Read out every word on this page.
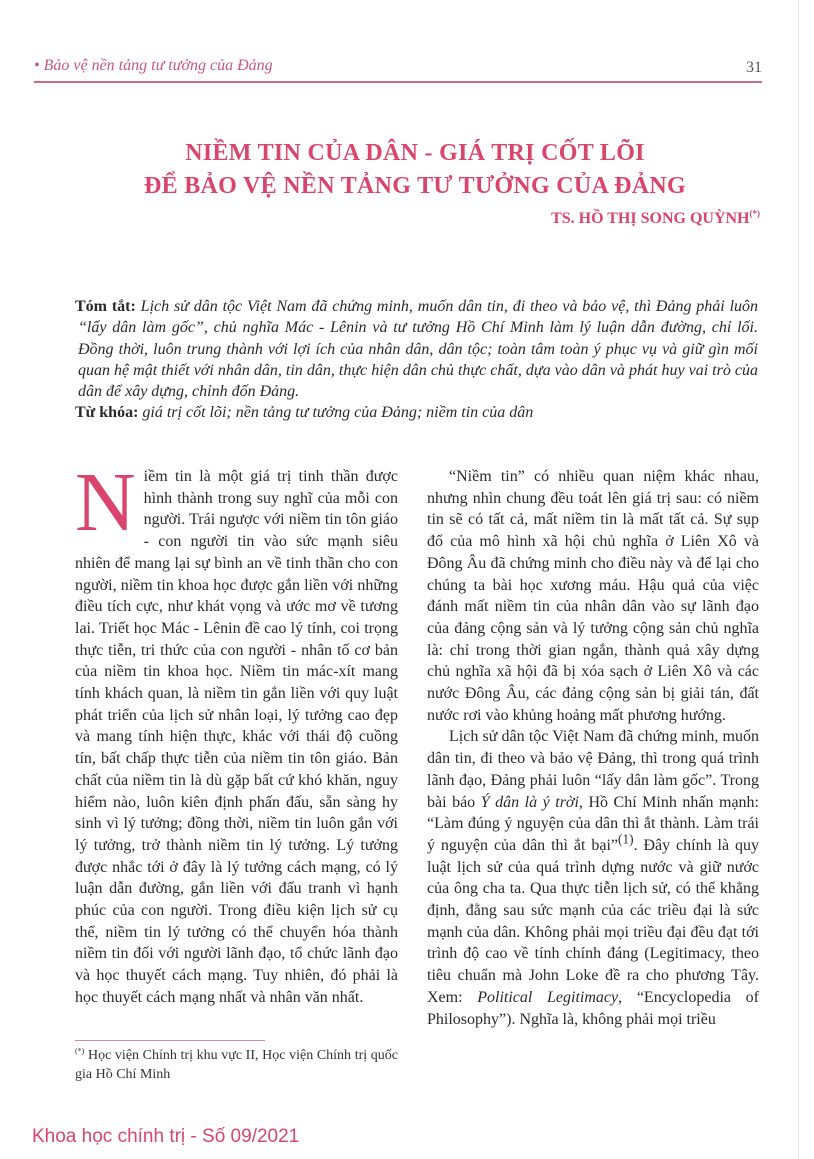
• Bảo vệ nền tảng tư tưởng của Đảng	31
NIỀM TIN CỦA DÂN - GIÁ TRỊ CỐT LÕI
ĐỂ BẢO VỆ NỀN TẢNG TƯ TƯỞNG CỦA ĐẢNG
TS. HỒ THỊ SONG QUỲNH(*)

Tóm tắt: Lịch sử dân tộc Việt Nam đã chứng minh, muốn dân tin, đi theo và bảo vệ, thì Đảng phải luôn “lấy dân làm gốc”, chủ nghĩa Mác - Lênin và tư tưởng Hồ Chí Minh làm lý luận dẫn đường, chỉ lối. Đồng thời, luôn trung thành với lợi ích của nhân dân, dân tộc; toàn tâm toàn ý phục vụ và giữ gìn mối quan hệ mật thiết với nhân dân, tin dân, thực hiện dân chủ thực chất, dựa vào dân và phát huy vai trò của dân để xây dựng, chỉnh đốn Đảng.

Từ khóa: giá trị cốt lõi; nền tảng tư tưởng của Đảng; niềm tin của dân

Niềm tin là một giá trị tinh thần được hình thành trong suy nghĩ của mỗi con người. Trái ngược với niềm tin tôn giáo - con người tin vào sức mạnh siêu nhiên để mang lại sự bình an về tinh thần cho con người, niềm tin khoa học được gắn liền với những điều tích cực, như khát vọng và ước mơ về tương lai. Triết học Mác - Lênin đề cao lý tính, coi trọng thực tiễn, tri thức của con người - nhân tố cơ bản của niềm tin khoa học. Niềm tin mác-xít mang tính khách quan, là niềm tin gắn liền với quy luật phát triển của lịch sử nhân loại, lý tưởng cao đẹp và mang tính hiện thực, khác với thái độ cuồng tín, bất chấp thực tiễn của niềm tin tôn giáo. Bản chất của niềm tin là dù gặp bất cứ khó khăn, nguy hiểm nào, luôn kiên định phấn đấu, sẵn sàng hy sinh vì lý tưởng; đồng thời, niềm tin luôn gắn với lý tưởng, trở thành niềm tin lý tưởng. Lý tưởng được nhắc tới ở đây là lý tưởng cách mạng, có lý luận dẫn đường, gắn liền với đấu tranh vì hạnh phúc của con người. Trong điều kiện lịch sử cụ thể, niềm tin lý tưởng có thể chuyển hóa thành niềm tin đối với người lãnh đạo, tổ chức lãnh đạo và học thuyết cách mạng. Tuy nhiên, đó phải là học thuyết cách mạng nhất và nhân văn nhất.

“Niềm tin” có nhiều quan niệm khác nhau, nhưng nhìn chung đều toát lên giá trị sau: có niềm tin sẽ có tất cả, mất niềm tin là mất tất cả. Sự sụp đổ của mô hình xã hội chủ nghĩa ở Liên Xô và Đông Âu đã chứng minh cho điều này và để lại cho chúng ta bài học xương máu. Hậu quả của việc đánh mất niềm tin của nhân dân vào sự lãnh đạo của đảng cộng sản và lý tưởng cộng sản chủ nghĩa là: chỉ trong thời gian ngắn, thành quả xây dựng chủ nghĩa xã hội đã bị xóa sạch ở Liên Xô và các nước Đông Âu, các đảng cộng sản bị giải tán, đất nước rơi vào khủng hoảng mất phương hướng.

Lịch sử dân tộc Việt Nam đã chứng minh, muốn dân tin, đi theo và bảo vệ Đảng, thì trong quá trình lãnh đạo, Đảng phải luôn “lấy dân làm gốc”. Trong bài báo Ý dân là ý trời, Hồ Chí Minh nhấn mạnh: “Làm đúng ý nguyện của dân thì ắt thành. Làm trái ý nguyện của dân thì ắt bại”$^{(1)}$. Đây chính là quy luật lịch sử của quá trình dựng nước và giữ nước của ông cha ta. Qua thực tiễn lịch sử, có thể khẳng định, đằng sau sức mạnh của các triều đại là sức mạnh của dân. Không phải mọi triều đại đều đạt tới trình độ cao về tính chính đáng (Legitimacy, theo tiêu chuẩn mà John Loke đề ra cho phương Tây. Xem: Political Legitimacy, “Encyclopedia of Philosophy”). Nghĩa là, không phải mọi triều

(*) Học viện Chính trị khu vực II, Học viện Chính trị quốc gia Hồ Chí Minh
Khoa học chính trị - Số 09/2021
